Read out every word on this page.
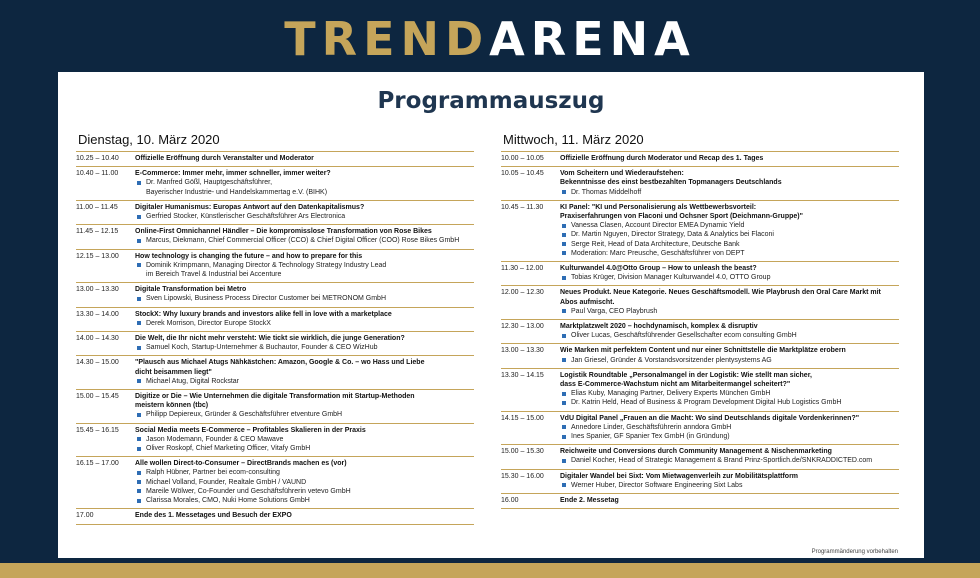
TRENDARENA
Programmauszug
Dienstag, 10. März 2020	Mittwoch, 11. März 2020
10.25 – 10.40	Offizielle Eröffnung durch Veranstalter und Moderator
10.40 – 11.00	E-Commerce: Immer mehr, immer schneller, immer weiter?
Dr. Manfred Gößl, Hauptgeschäftsführer,
Bayerischer Industrie- und Handelskammertag e.V. (BIHK)
11.00 – 11.45	Digitaler Humanismus: Europas Antwort auf den Datenkapitalismus?
Gerfried Stocker, Künstlerischer Geschäftsführer Ars Electronica
11.45 – 12.15	Online-First Omnichannel Händler – Die kompromisslose Transformation von Rose Bikes
Marcus, Diekmann, Chief Commercial Officer (CCO) & Chief Digital Officer (COO) Rose Bikes GmbH
12.15 – 13.00	How technology is changing the future – and how to prepare for this
Dominik Krimpmann, Managing Director & Technology Strategy Industry Lead
im Bereich Travel & Industrial bei Accenture
13.00 – 13.30	Digitale Transformation bei Metro
Sven Lipowski, Business Process Director Customer bei METRONOM GmbH
13.30 – 14.00	StockX: Why luxury brands and investors alike fell in love with a marketplace
Derek Morrison, Director Europe StockX
14.00 – 14.30	Die Welt, die Ihr nicht mehr versteht: Wie tickt sie wirklich, die junge Generation?
Samuel Koch, Startup-Unternehmer & Buchautor, Founder & CEO WizHub
14.30 – 15.00	"Plausch aus Michael Atugs Nähkästchen: Amazon, Google & Co. – wo Hass und Liebe
dicht beisammen liegt"
Michael Atug, Digital Rockstar
15.00 – 15.45	Digitize or Die – Wie Unternehmen die digitale Transformation mit Startup-Methoden
meistern können (tbc)
Philipp Depiereux, Gründer & Geschäftsführer etventure GmbH
15.45 – 16.15	Social Media meets E-Commerce – Profitables Skalieren in der Praxis
Jason Modemann, Founder & CEO Mawave
Oliver Roskopf, Chief Marketing Officer, Vitafy GmbH
16.15 – 17.00	Alle wollen Direct-to-Consumer – DirectBrands machen es (vor)
Ralph Hübner, Partner bei ecom-consulting
Michael Volland, Founder, Realtale GmbH / VAUND
Mareile Wölwer, Co-Founder und Geschäftsführerin vetevo GmbH
Clarissa Morales, CMO, Nuki Home Solutions GmbH
17.00	Ende des 1. Messetages und Besuch der EXPO
10.00 – 10.05	Offizielle Eröffnung durch Moderator und Recap des 1. Tages
10.05 – 10.45	Vom Scheitern und Wiederaufstehen:
Bekenntnisse des einst bestbezahlten Topmanagers Deutschlands
Dr. Thomas Middelhoff
10.45 – 11.30	KI Panel: "KI und Personalisierung als Wettbewerbsvorteil:
Praxiserfahrungen von Flaconi und Ochsner Sport (Deichmann-Gruppe)"
Vanessa Clasen, Account Director EMEA Dynamic Yield
Dr. Martin Nguyen, Director Strategy, Data & Analytics bei Flaconi
Serge Reit, Head of Data Architecture, Deutsche Bank
Moderation: Marc Preusche, Geschäftsführer von DEPT
11.30 – 12.00	Kulturwandel 4.0@Otto Group – How to unleash the beast?
Tobias Krüger, Division Manager Kulturwandel 4.0, OTTO Group
12.00 – 12.30	Neues Produkt. Neue Kategorie. Neues Geschäftsmodell. Wie Playbrush den Oral Care Markt mit
Abos aufmischt.
Paul Varga, CEO Playbrush
12.30 – 13.00	Marktplatzwelt 2020 – hochdynamisch, komplex & disruptiv
Oliver Lucas, Geschäftsführender Gesellschafter ecom consulting GmbH
13.00 – 13.30	Wie Marken mit perfektem Content und nur einer Schnittstelle die Marktplätze erobern
Jan Griesel, Gründer & Vorstandsvorsitzender plentysystems AG
13.30 – 14.15	Logistik Roundtable „Personalmangel in der Logistik: Wie stellt man sicher,
dass E-Commerce-Wachstum nicht am Mitarbeitermangel scheitert?"
Elias Kuby, Managing Partner, Delivery Experts München GmbH
Dr. Katrin Held, Head of Business & Program Development Digital Hub Logistics GmbH
14.15 – 15.00	VdU Digital Panel „Frauen an die Macht: Wo sind Deutschlands digitale Vordenkerinnen?"
Annedore Linder, Geschäftsführerin anndora GmbH
Ines Spanier, GF Spanier Tex GmbH (in Gründung)
15.00 – 15.30	Reichweite und Conversions durch Community Management & Nischenmarketing
Daniel Kocher, Head of Strategic Management & Brand Prinz-Sportlich.de/SNKRADDICTED.com
15.30 – 16.00	Digitaler Wandel bei Sixt: Vom Mietwagenverleih zur Mobilitätsplattform
Werner Huber, Director Software Engineering Sixt Labs
16.00	Ende 2. Messetag
Programmänderung vorbehalten
